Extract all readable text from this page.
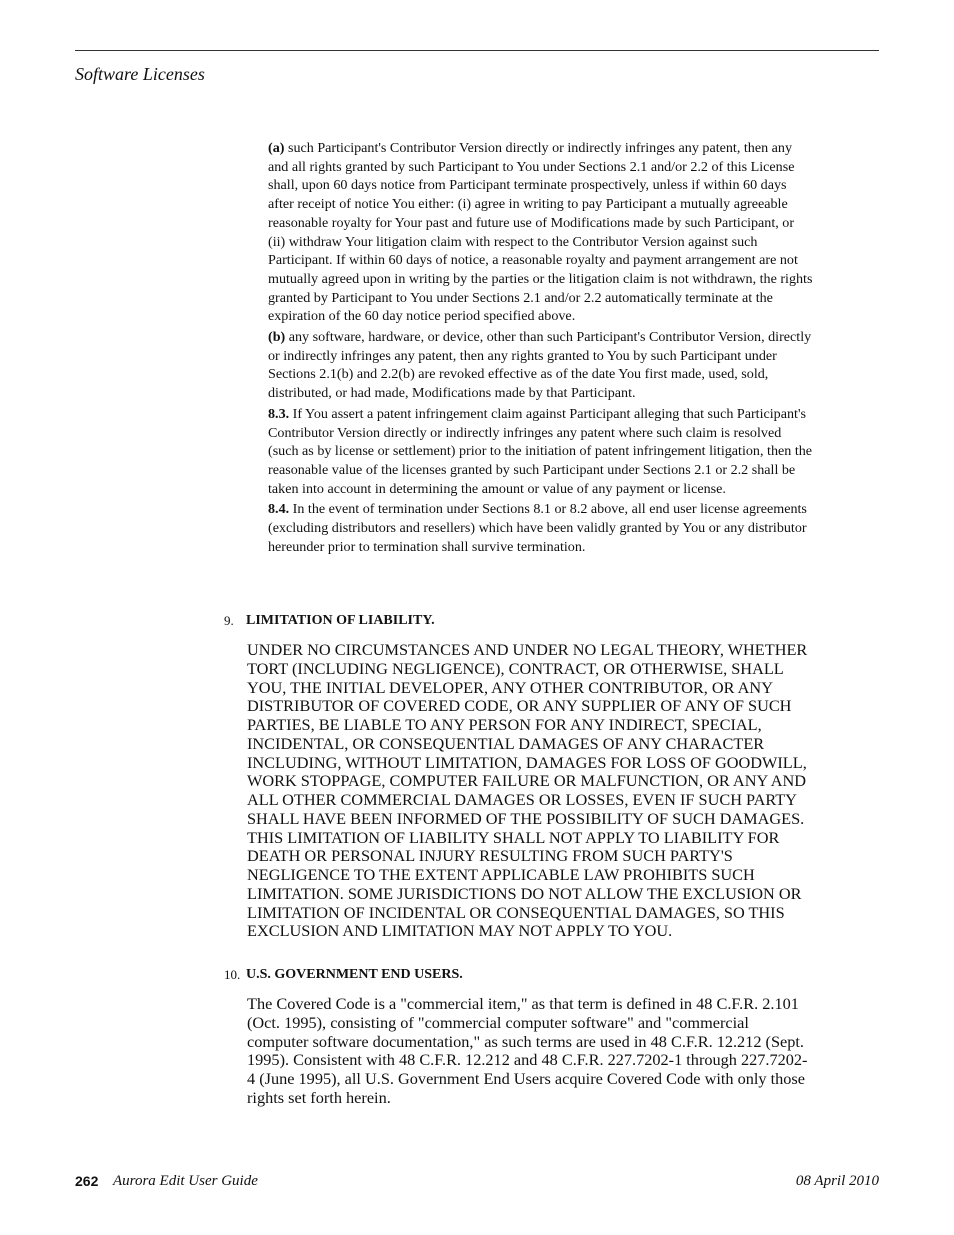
Software Licenses

(a) such Participant's Contributor Version directly or indirectly infringes any patent, then any and all rights granted by such Participant to You under Sections 2.1 and/or 2.2 of this License shall, upon 60 days notice from Participant terminate prospectively, unless if within 60 days after receipt of notice You either: (i) agree in writing to pay Participant a mutually agreeable reasonable royalty for Your past and future use of Modifications made by such Participant, or (ii) withdraw Your litigation claim with respect to the Contributor Version against such Participant. If within 60 days of notice, a reasonable royalty and payment arrangement are not mutually agreed upon in writing by the parties or the litigation claim is not withdrawn, the rights granted by Participant to You under Sections 2.1 and/or 2.2 automatically terminate at the expiration of the 60 day notice period specified above.

(b) any software, hardware, or device, other than such Participant's Contributor Version, directly or indirectly infringes any patent, then any rights granted to You by such Participant under Sections 2.1(b) and 2.2(b) are revoked effective as of the date You first made, used, sold, distributed, or had made, Modifications made by that Participant.

8.3. If You assert a patent infringement claim against Participant alleging that such Participant's Contributor Version directly or indirectly infringes any patent where such claim is resolved (such as by license or settlement) prior to the initiation of patent infringement litigation, then the reasonable value of the licenses granted by such Participant under Sections 2.1 or 2.2 shall be taken into account in determining the amount or value of any payment or license.

8.4. In the event of termination under Sections 8.1 or 8.2 above, all end user license agreements (excluding distributors and resellers) which have been validly granted by You or any distributor hereunder prior to termination shall survive termination.

9. LIMITATION OF LIABILITY.

UNDER NO CIRCUMSTANCES AND UNDER NO LEGAL THEORY, WHETHER TORT (INCLUDING NEGLIGENCE), CONTRACT, OR OTHERWISE, SHALL YOU, THE INITIAL DEVELOPER, ANY OTHER CONTRIBUTOR, OR ANY DISTRIBUTOR OF COVERED CODE, OR ANY SUPPLIER OF ANY OF SUCH PARTIES, BE LIABLE TO ANY PERSON FOR ANY INDIRECT, SPECIAL, INCIDENTAL, OR CONSEQUENTIAL DAMAGES OF ANY CHARACTER INCLUDING, WITHOUT LIMITATION, DAMAGES FOR LOSS OF GOODWILL, WORK STOPPAGE, COMPUTER FAILURE OR MALFUNCTION, OR ANY AND ALL OTHER COMMERCIAL DAMAGES OR LOSSES, EVEN IF SUCH PARTY SHALL HAVE BEEN INFORMED OF THE POSSIBILITY OF SUCH DAMAGES. THIS LIMITATION OF LIABILITY SHALL NOT APPLY TO LIABILITY FOR DEATH OR PERSONAL INJURY RESULTING FROM SUCH PARTY'S NEGLIGENCE TO THE EXTENT APPLICABLE LAW PROHIBITS SUCH LIMITATION. SOME JURISDICTIONS DO NOT ALLOW THE EXCLUSION OR LIMITATION OF INCIDENTAL OR CONSEQUENTIAL DAMAGES, SO THIS EXCLUSION AND LIMITATION MAY NOT APPLY TO YOU.

10. U.S. GOVERNMENT END USERS.

The Covered Code is a "commercial item," as that term is defined in 48 C.F.R. 2.101 (Oct. 1995), consisting of "commercial computer software" and "commercial computer software documentation," as such terms are used in 48 C.F.R. 12.212 (Sept. 1995). Consistent with 48 C.F.R. 12.212 and 48 C.F.R. 227.7202-1 through 227.7202-4 (June 1995), all U.S. Government End Users acquire Covered Code with only those rights set forth herein.

262 Aurora Edit User Guide	08 April 2010
